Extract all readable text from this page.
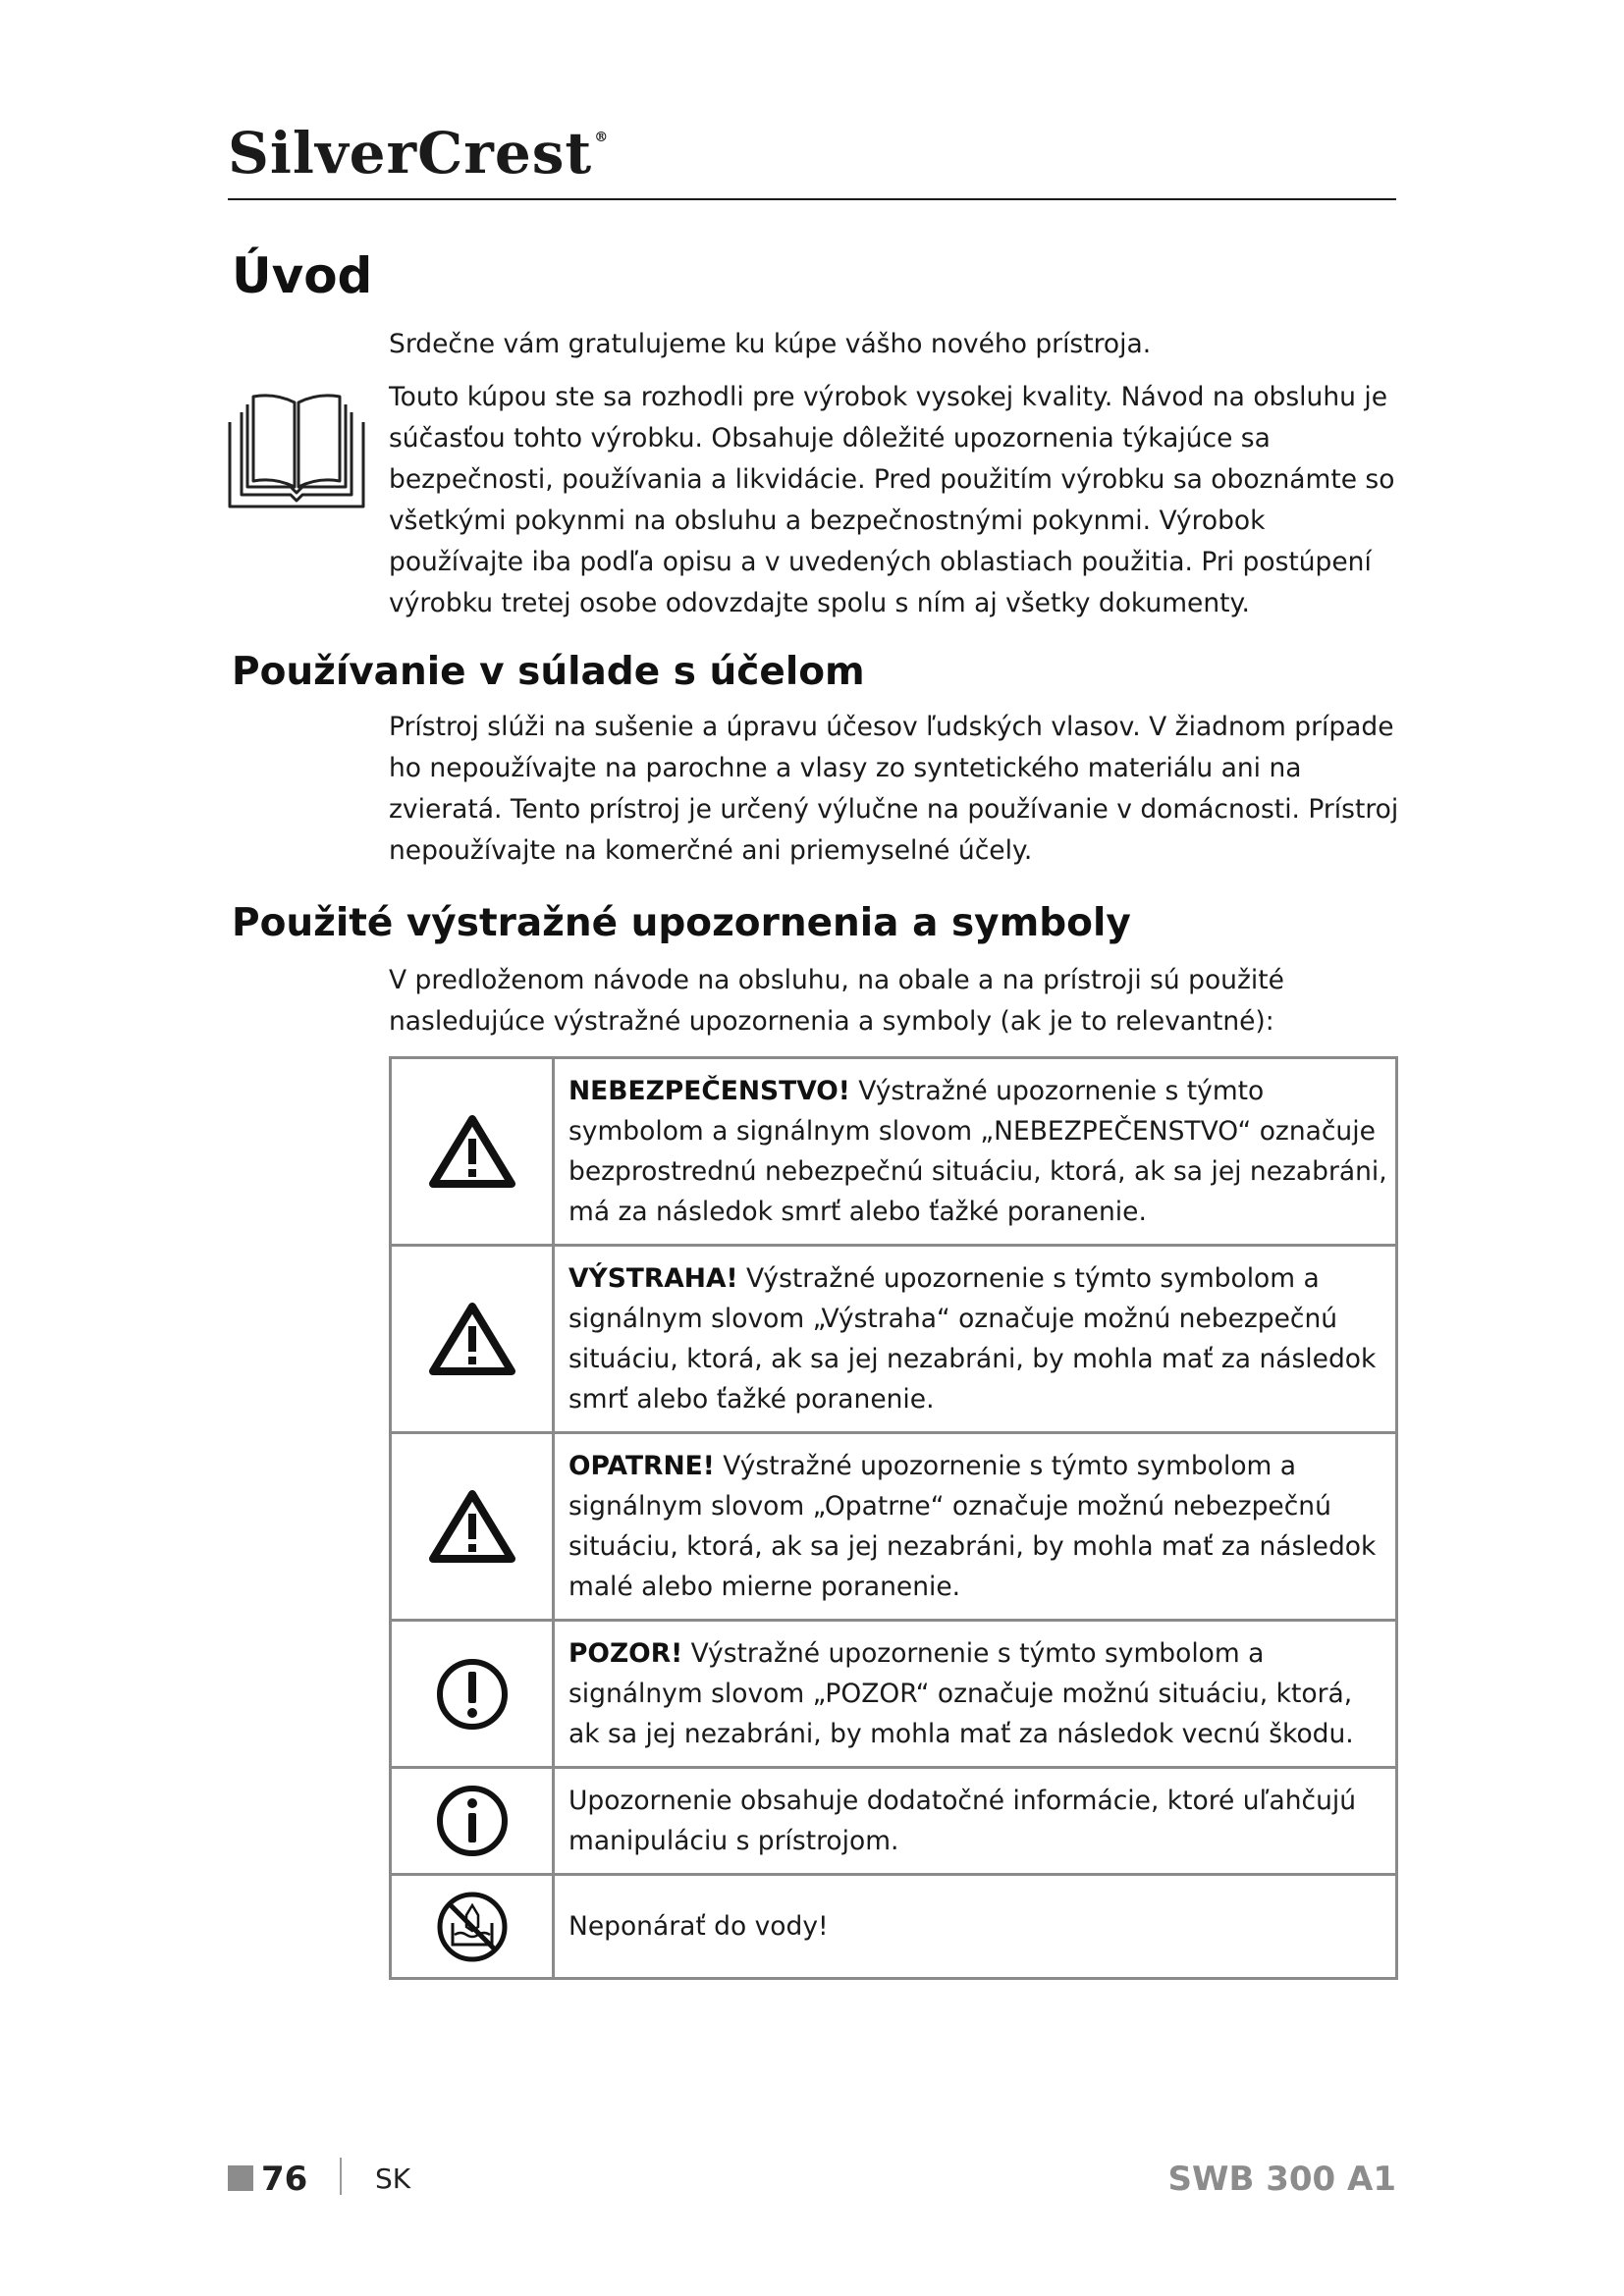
SilverCrest ®
Úvod

Srdečne vám gratulujeme ku kúpe vášho nového prístroja.

Touto kúpou ste sa rozhodli pre výrobok vysokej kvality. Návod na obsluhu je súčasťou tohto výrobku. Obsahuje dôležité upozornenia týkajúce sa bezpečnosti, používania a likvidácie. Pred použitím výrobku sa oboznámte so všetkými pokynmi na obsluhu a bezpečnostnými pokynmi. Výrobok používajte iba podľa opisu a v uvedených oblastiach použitia. Pri postúpení výrobku tretej osobe odovzdajte spolu s ním aj všetky dokumenty.

Používanie v súlade s účelom

Prístroj slúži na sušenie a úpravu účesov ľudských vlasov. V žiadnom prípade ho nepoužívajte na parochne a vlasy zo syntetického materiálu ani na zvieratá. Tento prístroj je určený výlučne na používanie v domácnosti. Prístroj nepoužívajte na komerčné ani priemyselné účely.

Použité výstražné upozornenia a symboly

V predloženom návode na obsluhu, na obale a na prístroji sú použité nasledujúce výstražné upozornenia a symboly (ak je to relevantné):

	NEBEZPEČENSTVO! Výstražné upozornenie s týmto symbolom a signálnym slovom „NEBEZPEČENSTVO“ označuje bezprostrednú nebezpečnú situáciu, ktorá, ak sa jej nezabráni, má za následok smrť alebo ťažké poranenie.

	VÝSTRAHA! Výstražné upozornenie s týmto symbolom a signálnym slovom „Výstraha“ označuje možnú nebezpečnú situáciu, ktorá, ak sa jej nezabráni, by mohla mať za následok smrť alebo ťažké poranenie.

	OPATRNE! Výstražné upozornenie s týmto symbolom a signálnym slovom „Opatrne“ označuje možnú nebezpečnú situáciu, ktorá, ak sa jej nezabráni, by mohla mať za následok malé alebo mierne poranenie.

	POZOR! Výstražné upozornenie s týmto symbolom a signálnym slovom „POZOR“ označuje možnú situáciu, ktorá, ak sa jej nezabráni, by mohla mať za následok vecnú škodu.

	Upozornenie obsahuje dodatočné informácie, ktoré uľahčujú manipuláciu s prístrojom.

	Neponárať do vody!
76 SK	SWB 300 A1
